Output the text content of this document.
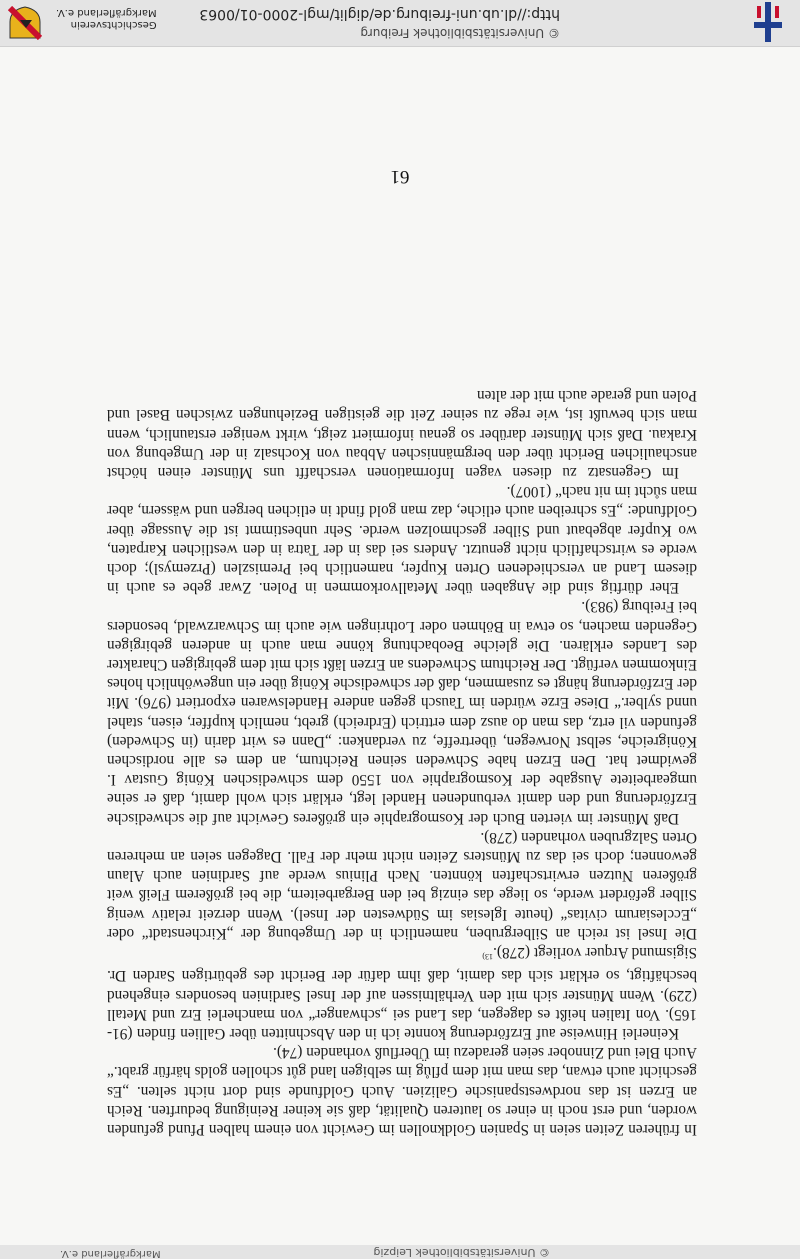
© Universitätsbibliothek Leipzig
Markgräflerland e.V.

In früheren Zeiten seien in Spanien Goldknollen im Gewicht von einem halben Pfund gefunden worden, und erst noch in einer so lauteren Qualität, daß sie keiner Reinigung bedurften. Reich an Erzen ist das nordwestspanische Galizien. Auch Goldfunde sind dort nicht selten. „Es geschicht auch etwan, das man mit dem pflůg im selbigen land gůt schollen golds härfür grabt.“ Auch Blei und Zinnober seien geradezu im Überfluß vorhanden (74).

Keinerlei Hinweise auf Erzförderung konnte ich in den Abschnitten über Gallien finden (91-165). Von Italien heißt es dagegen, das Land sei „schwanger“ von mancherlei Erz und Metall (229). Wenn Münster sich mit den Verhältnissen auf der Insel Sardinien besonders eingehend beschäftigt, so erklärt sich das damit, daß ihm dafür der Bericht des gebürtigen Sarden Dr. Sigismund Arquer vorliegt (278).$^{13)}$

Die Insel ist reich an Silbergruben, namentlich in der Umgebung der „Kirchenstadt“ oder „Ecclesiarum civitas“ (heute Iglesias im Südwesten der Insel). Wenn derzeit relativ wenig Silber gefördert werde, so liege das einzig bei den Bergarbeitern, die bei größerem Fleiß weit größeren Nutzen erwirtschaften könnten. Nach Plinius werde auf Sardinien auch Alaun gewonnen; doch sei das zu Münsters Zeiten nicht mehr der Fall. Dagegen seien an mehreren Orten Salzgruben vorhanden (278).

Daß Münster im vierten Buch der Kosmographie ein größeres Gewicht auf die schwedische Erzförderung und den damit verbundenen Handel legt, erklärt sich wohl damit, daß er seine umgearbeitete Ausgabe der Kosmographie von 1550 dem schwedischen König Gustav I. gewidmet hat. Den Erzen habe Schweden seinen Reichtum, an dem es alle nordischen Königreiche, selbst Norwegen, übertreffe, zu verdanken: „Dann es wirt darin (in Schweden) gefunden vil ertz, das man do ausz dem erttrich (Erdreich) grebt, nemlich kupffer, eisen, stahel unnd sylber.“ Diese Erze würden im Tausch gegen andere Handelswaren exportiert (976). Mit der Erzförderung hängt es zusammen, daß der schwedische König über ein ungewöhnlich hohes Einkommen verfügt. Der Reichtum Schwedens an Erzen läßt sich mit dem gebirgigen Charakter des Landes erklären. Die gleiche Beobachtung könne man auch in anderen gebirgigen Gegenden machen, so etwa in Böhmen oder Lothringen wie auch im Schwarzwald, besonders bei Freiburg (983).

Eher dürftig sind die Angaben über Metallvorkommen in Polen. Zwar gebe es auch in diesem Land an verschiedenen Orten Kupfer, namentlich bei Premiszlen (Przemysl); doch werde es wirtschaftlich nicht genutzt. Anders sei das in der Tatra in den westlichen Karpaten, wo Kupfer abgebaut und Silber geschmolzen werde. Sehr unbestimmt ist die Aussage über Goldfunde: „Es schreiben auch etliche, daz man gold findt in etlichen bergen und wässern, aber man sůcht im nit nach“ (1007).

Im Gegensatz zu diesen vagen Informationen verschafft uns Münster einen höchst anschaulichen Bericht über den bergmännischen Abbau von Kochsalz in der Umgebung von Krakau. Daß sich Münster darüber so genau informiert zeigt, wirkt weniger erstaunlich, wenn man sich bewußt ist, wie rege zu seiner Zeit die geistigen Beziehungen zwischen Basel und Polen und gerade auch mit der alten

61
© Universitätsbibliothek Freiburg
http://dl.ub.uni-freiburg.de/diglit/mgl-2000-01/0063
Geschichtsverein
Markgräflerland e.V.
